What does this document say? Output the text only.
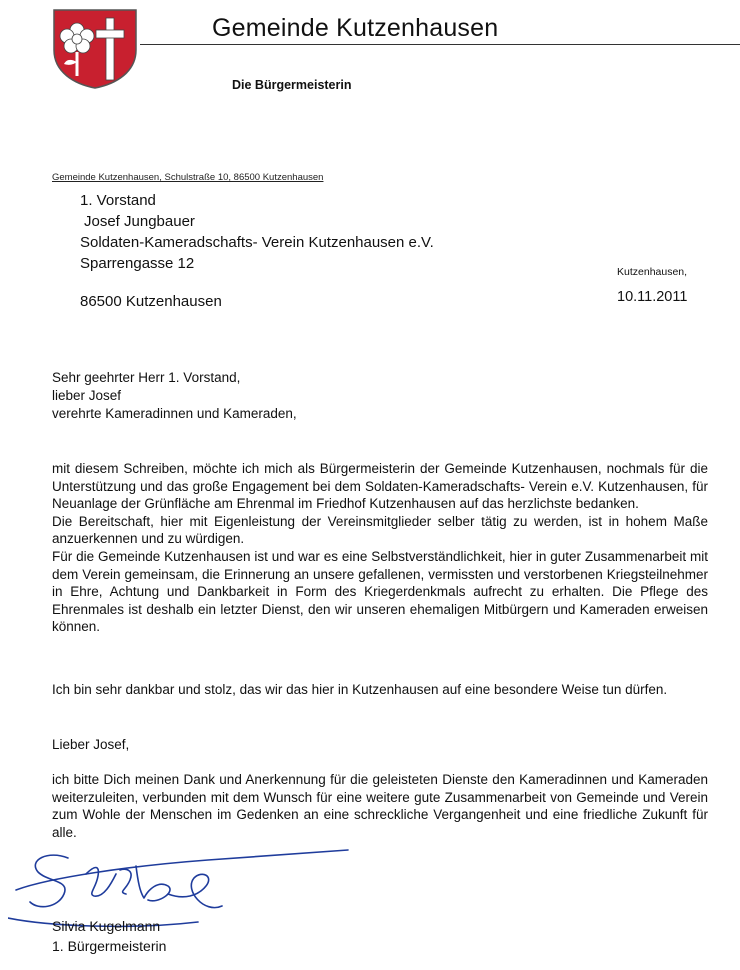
Gemeinde Kutzenhausen
Die Bürgermeisterin
Gemeinde Kutzenhausen, Schulstraße 10, 86500 Kutzenhausen
1. Vorstand
Josef Jungbauer
Soldaten-Kameradschafts- Verein Kutzenhausen e.V.
Sparrengasse 12
86500 Kutzenhausen
Kutzenhausen,
10.11.2011
Sehr geehrter Herr 1. Vorstand,
lieber Josef
verehrte Kameradinnen und Kameraden,

mit diesem Schreiben, möchte ich mich als Bürgermeisterin der Gemeinde Kutzenhausen, nochmals für die Unterstützung und das große Engagement bei dem Soldaten-Kameradschafts- Verein e.V. Kutzenhausen, für Neuanlage der Grünfläche am Ehrenmal im Friedhof Kutzenhausen auf das herzlichste bedanken.

Die Bereitschaft, hier mit Eigenleistung der Vereinsmitglieder selber tätig zu werden, ist in hohem Maße anzuerkennen und zu würdigen.

Für die Gemeinde Kutzenhausen ist und war es eine Selbstverständlichkeit, hier in guter Zusammenarbeit mit dem Verein gemeinsam, die Erinnerung an unsere gefallenen, vermissten und verstorbenen Kriegsteilnehmer in Ehre, Achtung und Dankbarkeit in Form des Kriegerdenkmals aufrecht zu erhalten. Die Pflege des Ehrenmales ist deshalb ein letzter Dienst, den wir unseren ehemaligen Mitbürgern und Kameraden erweisen können.

Ich bin sehr dankbar und stolz, das wir das hier in Kutzenhausen auf eine besondere Weise tun dürfen.

Lieber Josef,

ich bitte Dich meinen Dank und Anerkennung für die geleisteten Dienste den Kameradinnen und Kameraden weiterzuleiten, verbunden mit dem Wunsch für eine weitere gute Zusammenarbeit von Gemeinde und Verein zum Wohle der Menschen im Gedenken an eine schreckliche Vergangenheit und eine friedliche Zukunft für alle.

Silvia Kugelmann
1. Bürgermeisterin
